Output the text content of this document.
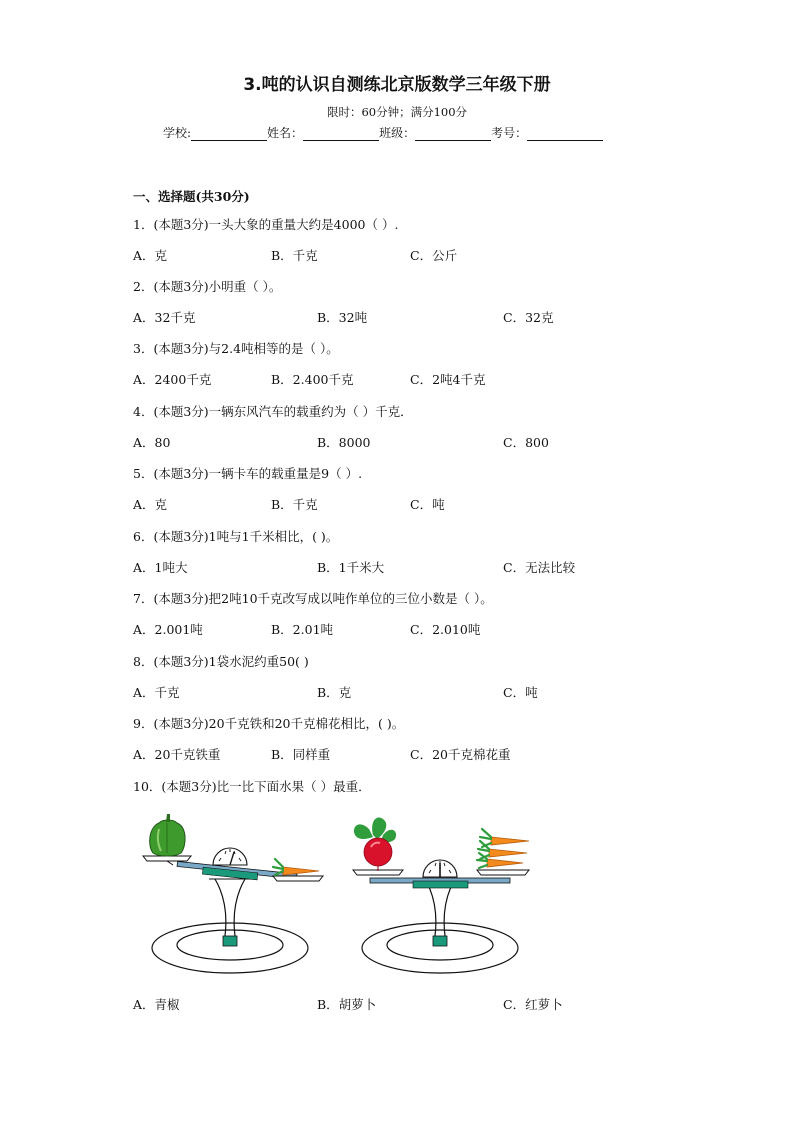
3.吨的认识自测练北京版数学三年级下册
限时：60分钟；满分100分
学校:	姓名：	班级：	考号：
一、选择题(共30分)
1．(本题3分)一头大象的重量大约是4000（ ）.
A．克	B．千克	C．公斤
2．(本题3分)小明重（ ）。
A．32千克	B．32吨	C．32克
3．(本题3分)与2.4吨相等的是（ ）。
A．2400千克	B．2.400千克	C．2吨4千克
4．(本题3分)一辆东风汽车的载重约为（ ）千克．
A．80	B．8000	C．800
5．(本题3分)一辆卡车的载重量是9（ ）.
A．克	B．千克	C．吨
6．(本题3分)1吨与1千米相比，( )。
A．1吨大	B．1千米大	C．无法比较
7．(本题3分)把2吨10千克改写成以吨作单位的三位小数是（ ）。
A．2.001吨	B．2.01吨	C．2.010吨
8．(本题3分)1袋水泥约重50( )
A．千克	B．克	C．吨
9．(本题3分)20千克铁和20千克棉花相比，( )。
A．20千克铁重	B．同样重	C．20千克棉花重
10．(本题3分)比一比下面水果（ ）最重．
A．青椒	B．胡萝卜	C．红萝卜
